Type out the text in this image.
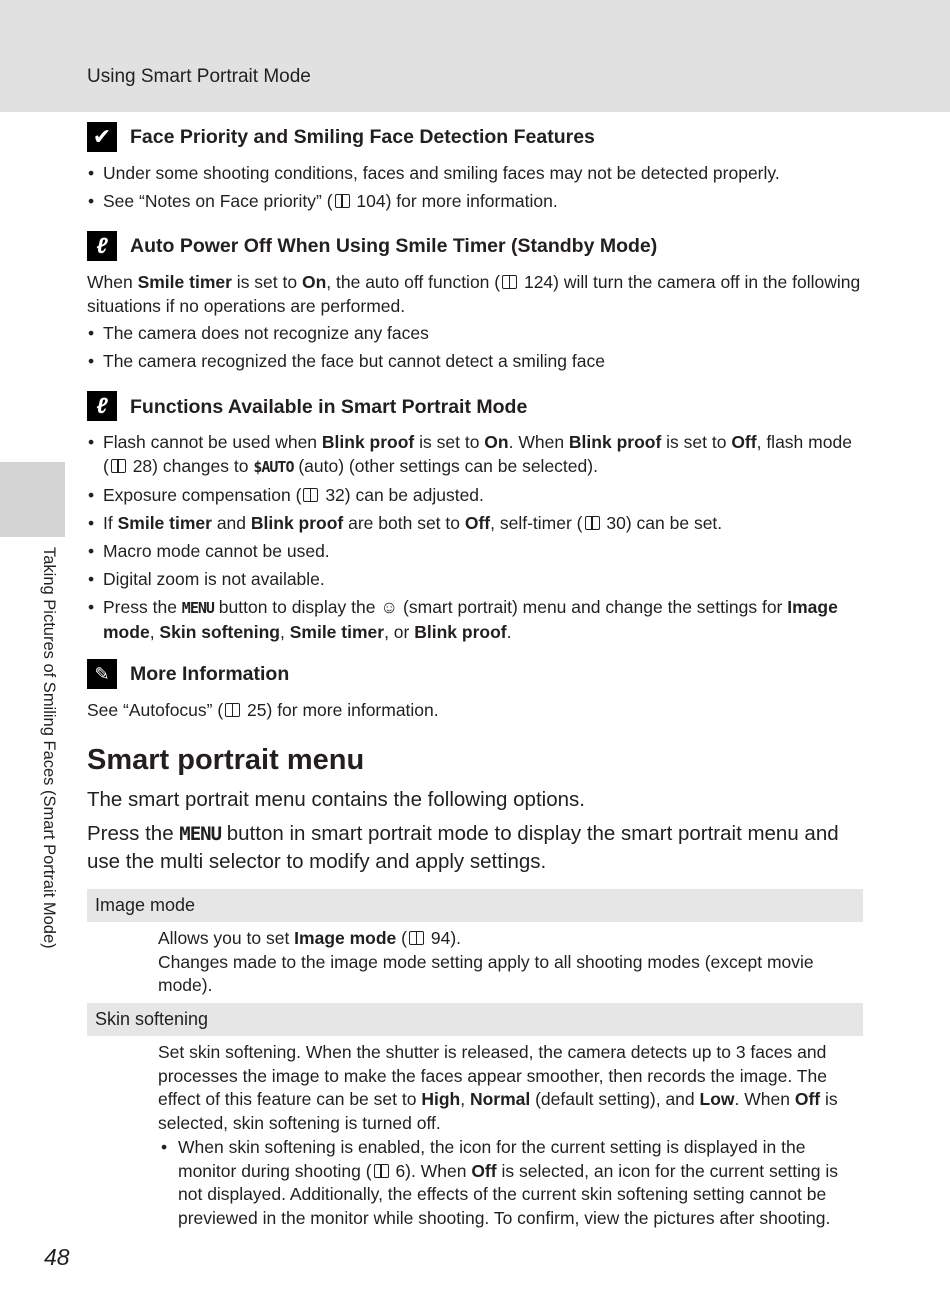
Using Smart Portrait Mode
Taking Pictures of Smiling Faces (Smart Portrait Mode)
✔ Face Priority and Smiling Face Detection Features
• Under some shooting conditions, faces and smiling faces may not be detected properly.
• See “Notes on Face priority” ( 104) for more information.
ℓ	Auto Power Off When Using Smile Timer (Standby Mode)
When Smile timer is set to On, the auto off function ( 124) will turn the camera off in the following situations if no operations are performed.
• The camera does not recognize any faces
• The camera recognized the face but cannot detect a smiling face
ℓ	Functions Available in Smart Portrait Mode
• Flash cannot be used when Blink proof is set to On. When Blink proof is set to Off, flash mode ( 28) changes to $AUTO (auto) (other settings can be selected).
• Exposure compensation ( 32) can be adjusted.
• If Smile timer and Blink proof are both set to Off, self-timer ( 30) can be set.
• Macro mode cannot be used.
• Digital zoom is not available.
• Press the MENU button to display the ☺ (smart portrait) menu and change the settings for Image mode, Skin softening, Smile timer, or Blink proof.
✎	More Information
See “Autofocus” ( 25) for more information.
Smart portrait menu
The smart portrait menu contains the following options.
Press the MENU button in smart portrait mode to display the smart portrait menu and use the multi selector to modify and apply settings.
Image mode
Allows you to set Image mode ( 94).
Changes made to the image mode setting apply to all shooting modes (except movie mode).
Skin softening
Set skin softening. When the shutter is released, the camera detects up to 3 faces and processes the image to make the faces appear smoother, then records the image. The effect of this feature can be set to High, Normal (default setting), and Low. When Off is selected, skin softening is turned off.
• When skin softening is enabled, the icon for the current setting is displayed in the monitor during shooting ( 6). When Off is selected, an icon for the current setting is not displayed. Additionally, the effects of the current skin softening setting cannot be previewed in the monitor while shooting. To confirm, view the pictures after shooting.
48
